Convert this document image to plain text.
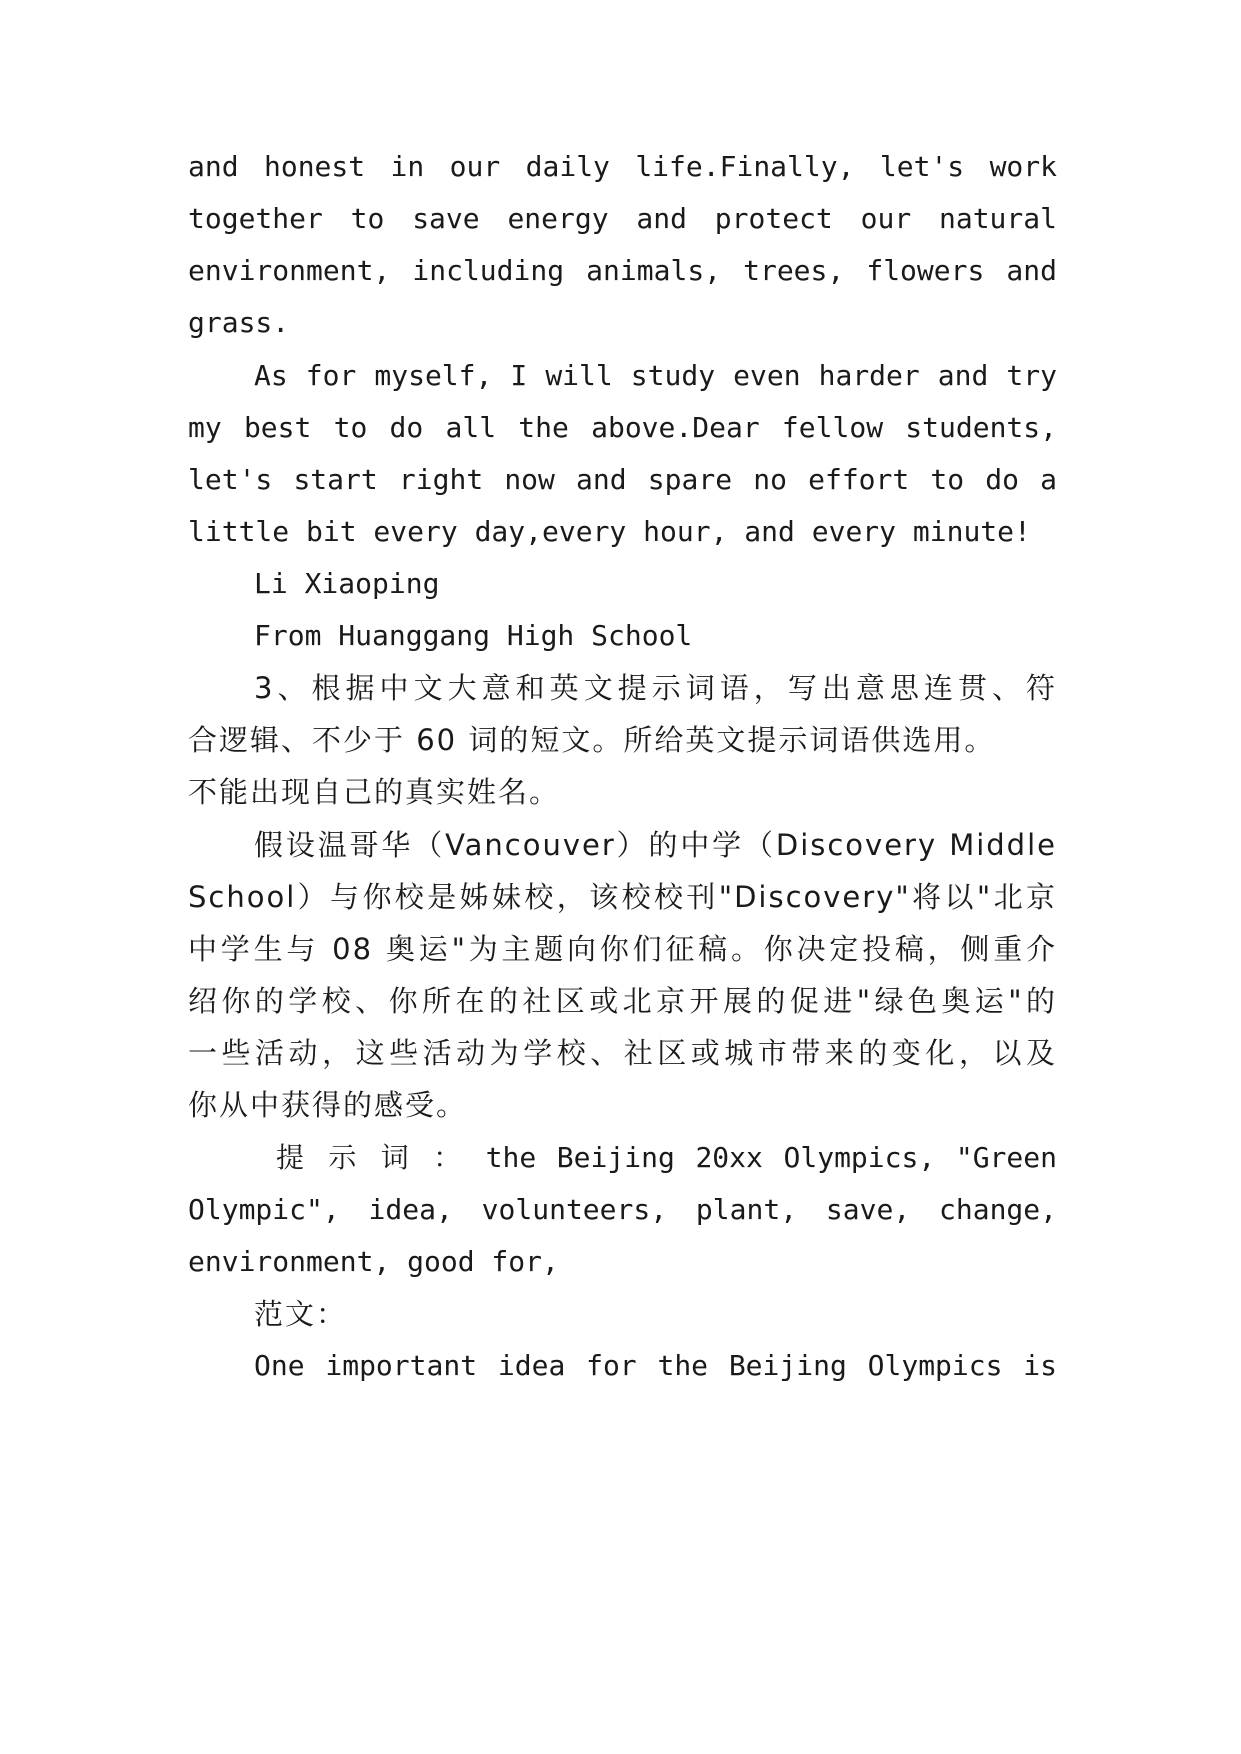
and honest in our daily life.Finally, let's work
together to save energy and protect our natural
environment, including animals, trees, flowers and
grass.
As for myself, I will study even harder and try
my best to do all the above.Dear fellow students,
let's start right now and spare no effort to do a
little bit every day,every hour, and every minute!
Li Xiaoping
From Huanggang High School
3、根据中文大意和英文提示词语，写出意思连贯、符
合逻辑、不少于 60 词的短文。所给英文提示词语供选用。
不能出现自己的真实姓名。
假设温哥华（Vancouver）的中学（Discovery Middle
School）与你校是姊妹校，该校校刊"Discovery"将以"北京
中学生与 08 奥运"为主题向你们征稿。你决定投稿，侧重介
绍你的学校、你所在的社区或北京开展的促进"绿色奥运"的
一些活动，这些活动为学校、社区或城市带来的变化，以及
你从中获得的感受。
提 示 词 ： the Beijing 20xx Olympics, "Green
Olympic", idea, volunteers, plant, save, change,
environment, good for,
范文：
One important idea for the Beijing Olympics is
